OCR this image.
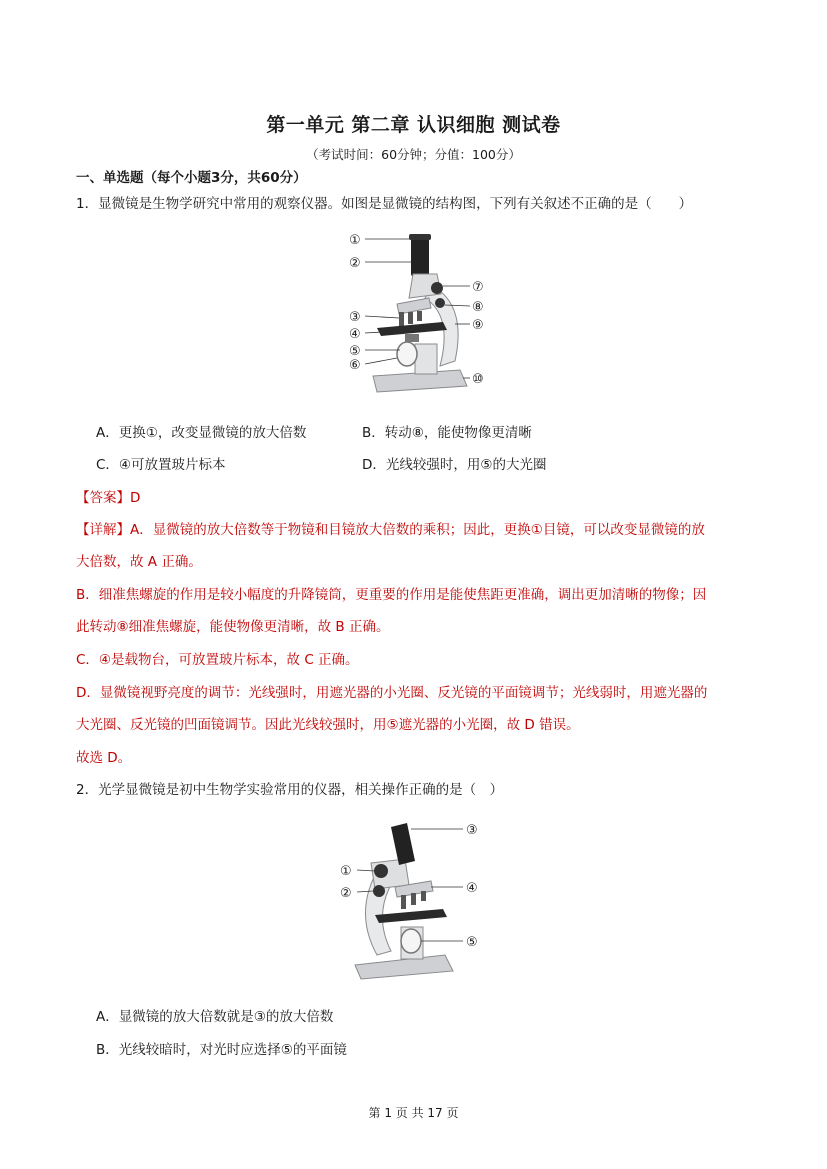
第一单元 第二章 认识细胞 测试卷
（考试时间：60分钟；分值：100分）
一、单选题（每个小题3分，共60分）
1．显微镜是生物学研究中常用的观察仪器。如图是显微镜的结构图，下列有关叙述不正确的是（　　）
①
②
③
④
⑤
⑥
⑦
⑧
⑨
⑩
A．更换①，改变显微镜的放大倍数	B．转动⑧，能使物像更清晰
C．④可放置玻片标本	D．光线较强时，用⑤的大光圈
【答案】D
【详解】A．显微镜的放大倍数等于物镜和目镜放大倍数的乘积；因此，更换①目镜，可以改变显微镜的放
大倍数，故 A 正确。
B．细准焦螺旋的作用是较小幅度的升降镜筒，更重要的作用是能使焦距更准确，调出更加清晰的物像；因
此转动⑧细准焦螺旋，能使物像更清晰，故 B 正确。
C．④是载物台，可放置玻片标本，故 C 正确。
D．显微镜视野亮度的调节：光线强时，用遮光器的小光圈、反光镜的平面镜调节；光线弱时，用遮光器的
大光圈、反光镜的凹面镜调节。因此光线较强时，用⑤遮光器的小光圈，故 D 错误。
故选 D。
2．光学显微镜是初中生物学实验常用的仪器，相关操作正确的是（　）
①
②
③
④
⑤
A．显微镜的放大倍数就是③的放大倍数
B．光线较暗时，对光时应选择⑤的平面镜
第 1 页 共 17 页
